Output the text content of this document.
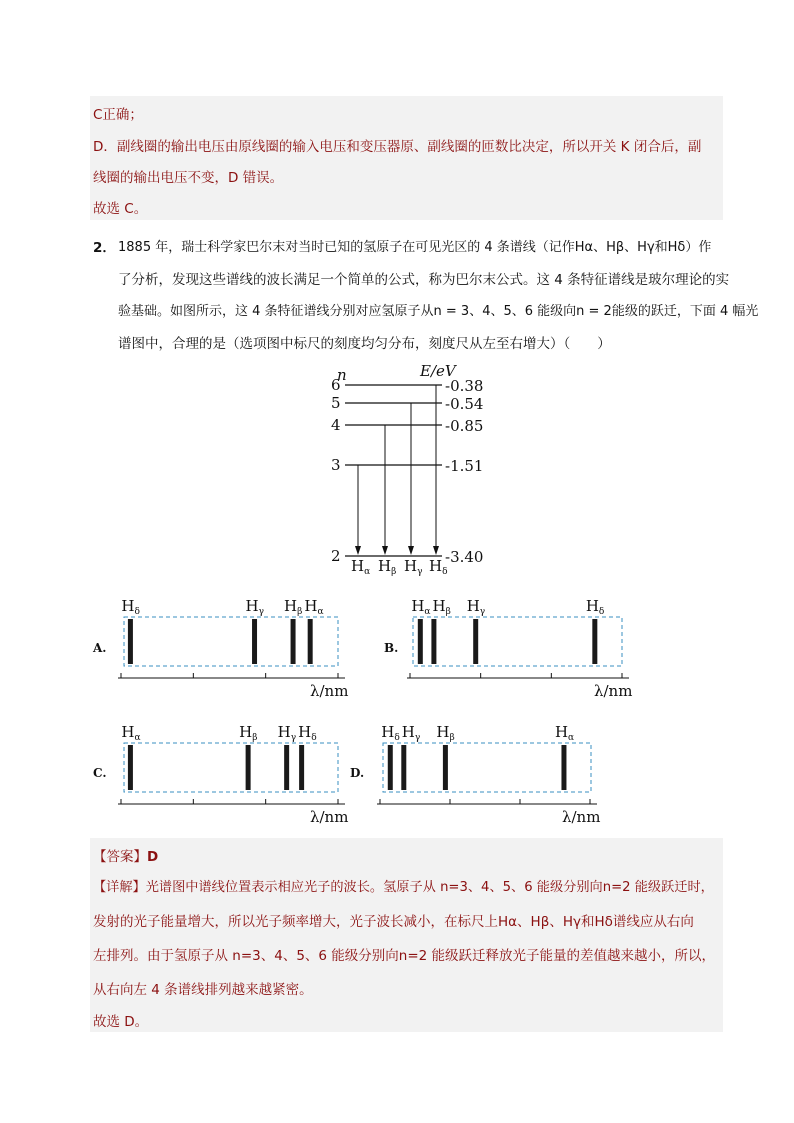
C正确；
D．副线圈的输出电压由原线圈的输入电压和变压器原、副线圈的匝数比决定，所以开关 K 闭合后，副
线圈的输出电压不变，D 错误。
故选 C。
2． 1885 年，瑞士科学家巴尔末对当时已知的氢原子在可见光区的 4 条谱线（记作Hα、Hβ、Hγ和Hδ）作
了分析，发现这些谱线的波长满足一个简单的公式，称为巴尔末公式。这 4 条特征谱线是玻尔理论的实
验基础。如图所示，这 4 条特征谱线分别对应氢原子从n = 3、4、5、6 能级向n = 2能级的跃迁，下面 4 幅光
谱图中，合理的是（选项图中标尺的刻度均匀分布，刻度尺从左至右增大）（　　）
n	E/eV
6	-0.38
5	-0.54
4	-0.85
3	-1.51
2	-3.40
$H_\alpha$ $H_\beta$ $H_\gamma$ $H_\delta$
A.
λ/nm
$H_\delta$	$H_\gamma$ $H_\beta$ $H_\alpha$
B.
λ/nm
$H_\alpha$ $H_\beta$ $H_\gamma$	$H_\delta$
C.
λ/nm
$H_\alpha$	$H_\beta$ $H_\gamma$ $H_\delta$
D.
λ/nm
$H_\delta$ $H_\gamma$ $H_\beta$	$H_\alpha$
【答案】D
【详解】光谱图中谱线位置表示相应光子的波长。氢原子从 n=3、4、5、6 能级分别向n=2 能级跃迁时，
发射的光子能量增大，所以光子频率增大，光子波长减小，在标尺上Hα、Hβ、Hγ和Hδ谱线应从右向
左排列。由于氢原子从 n=3、4、5、6 能级分别向n=2 能级跃迁释放光子能量的差值越来越小，所以，
从右向左 4 条谱线排列越来越紧密。
故选 D。
